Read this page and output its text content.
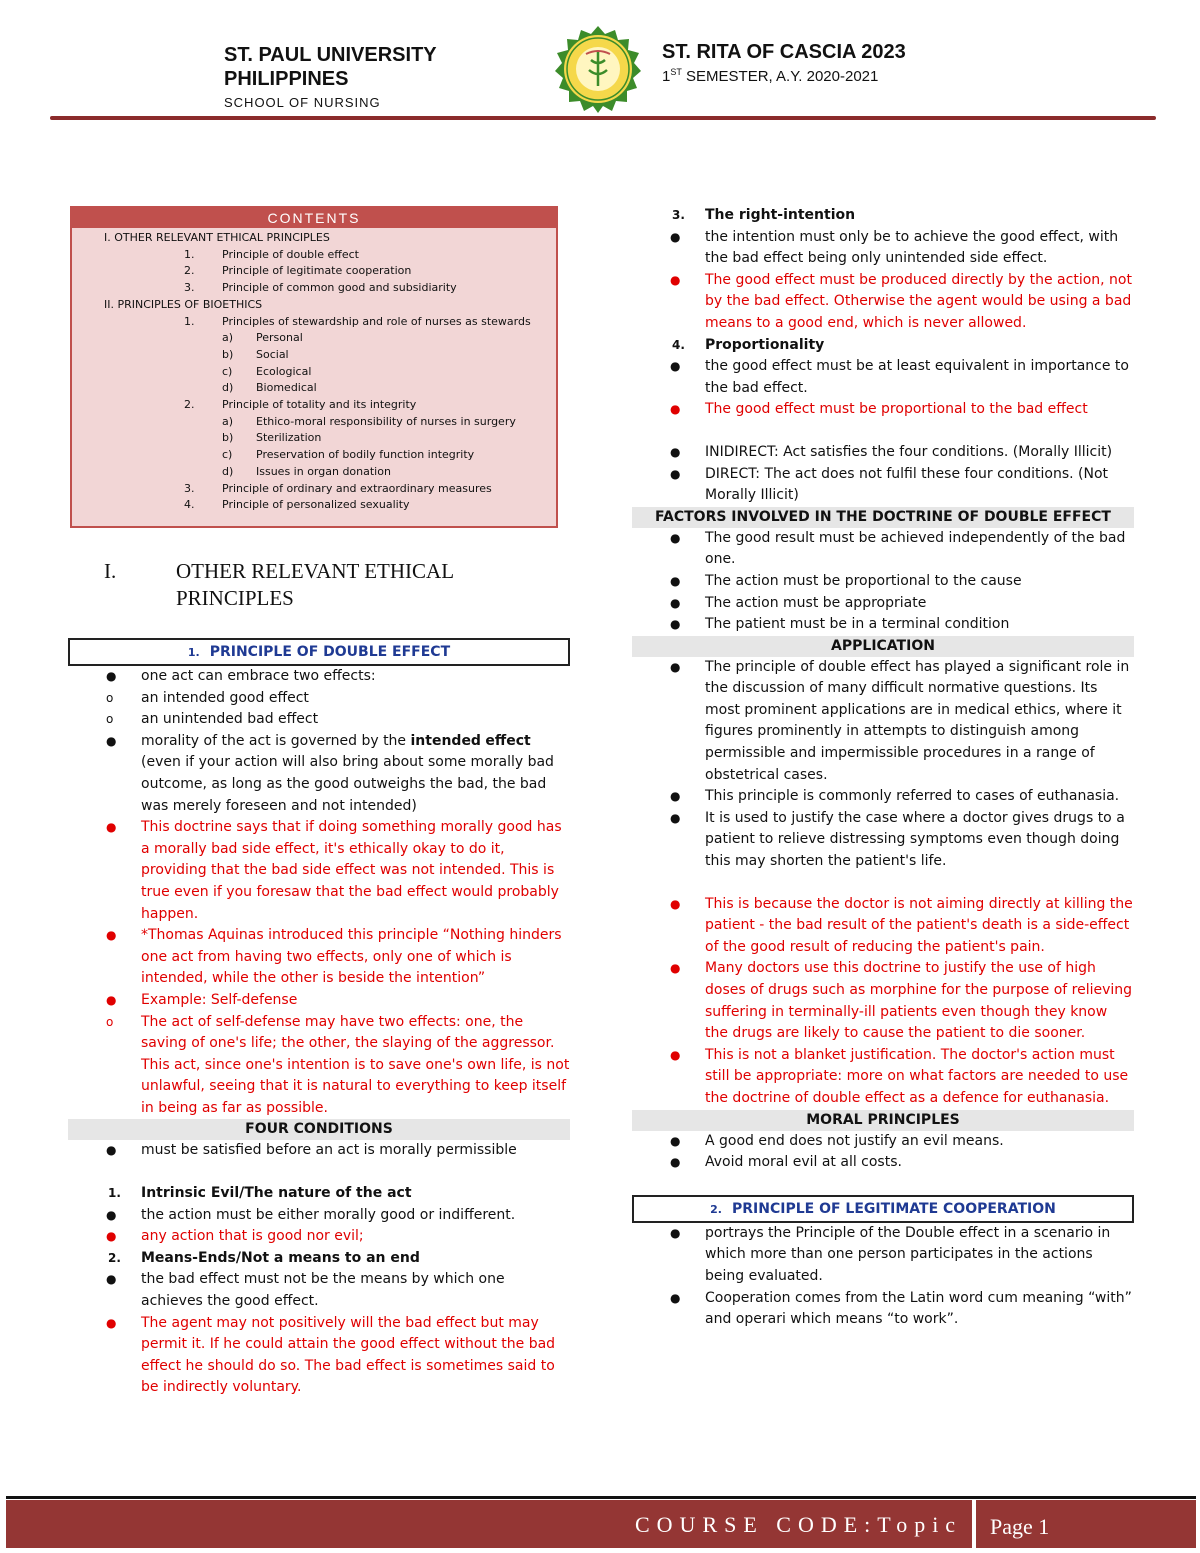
ST. PAUL UNIVERSITY
PHILIPPINES
SCHOOL OF NURSING
ST. RITA OF CASCIA 2023
1ST SEMESTER, A.Y. 2020-2021
CONTENTS
I. OTHER RELEVANT ETHICAL PRINCIPLES
1.	Principle of double effect
2.	Principle of legitimate cooperation
3.	Principle of common good and subsidiarity
II. PRINCIPLES OF BIOETHICS
1.	Principles of stewardship and role of nurses as stewards
a) Personal
b) Social
c) Ecological
d) Biomedical
2.	Principle of totality and its integrity
a) Ethico-moral responsibility of nurses in surgery
b) Sterilization
c) Preservation of bodily function integrity
d) Issues in organ donation
3.	Principle of ordinary and extraordinary measures
4.	Principle of personalized sexuality
I.	OTHER RELEVANT ETHICAL PRINCIPLES
1. PRINCIPLE OF DOUBLE EFFECT
● one act can embrace two effects:
o an intended good effect
o an unintended bad effect
● morality of the act is governed by the intended effect (even if your action will also bring about some morally bad outcome, as long as the good outweighs the bad, the bad was merely foreseen and not intended)
● This doctrine says that if doing something morally good has a morally bad side effect, it's ethically okay to do it, providing that the bad side effect was not intended. This is true even if you foresaw that the bad effect would probably happen.
● *Thomas Aquinas introduced this principle “Nothing hinders one act from having two effects, only one of which is intended, while the other is beside the intention”
● Example: Self-defense
o The act of self-defense may have two effects: one, the saving of one's life; the other, the slaying of the aggressor. This act, since one's intention is to save one's own life, is not unlawful, seeing that it is natural to everything to keep itself in being as far as possible.
FOUR CONDITIONS
● must be satisfied before an act is morally permissible
1. Intrinsic Evil/The nature of the act
● the action must be either morally good or indifferent.
● any action that is good nor evil;
2. Means-Ends/Not a means to an end
● the bad effect must not be the means by which one achieves the good effect.
● The agent may not positively will the bad effect but may permit it. If he could attain the good effect without the bad effect he should do so. The bad effect is sometimes said to be indirectly voluntary.
3. The right-intention
● the intention must only be to achieve the good effect, with the bad effect being only unintended side effect.
● The good effect must be produced directly by the action, not by the bad effect. Otherwise the agent would be using a bad means to a good end, which is never allowed.
4. Proportionality
● the good effect must be at least equivalent in importance to the bad effect.
● The good effect must be proportional to the bad effect
● INIDIRECT: Act satisfies the four conditions. (Morally Illicit)
● DIRECT: The act does not fulfil these four conditions. (Not Morally Illicit)
FACTORS INVOLVED IN THE DOCTRINE OF DOUBLE EFFECT
● The good result must be achieved independently of the bad one.
● The action must be proportional to the cause
● The action must be appropriate
● The patient must be in a terminal condition
APPLICATION
● The principle of double effect has played a significant role in the discussion of many difficult normative questions. Its most prominent applications are in medical ethics, where it figures prominently in attempts to distinguish among permissible and impermissible procedures in a range of obstetrical cases.
● This principle is commonly referred to cases of euthanasia.
● It is used to justify the case where a doctor gives drugs to a patient to relieve distressing symptoms even though doing this may shorten the patient's life.
● This is because the doctor is not aiming directly at killing the patient - the bad result of the patient's death is a side-effect of the good result of reducing the patient's pain.
● Many doctors use this doctrine to justify the use of high doses of drugs such as morphine for the purpose of relieving suffering in terminally-ill patients even though they know the drugs are likely to cause the patient to die sooner.
● This is not a blanket justification. The doctor's action must still be appropriate: more on what factors are needed to use the doctrine of double effect as a defence for euthanasia.
MORAL PRINCIPLES
● A good end does not justify an evil means.
● Avoid moral evil at all costs.
2. PRINCIPLE OF LEGITIMATE COOPERATION
● portrays the Principle of the Double effect in a scenario in which more than one person participates in the actions being evaluated.
● Cooperation comes from the Latin word cum meaning “with” and operari which means “to work”.
COURSE CODE:Topic Page 1
